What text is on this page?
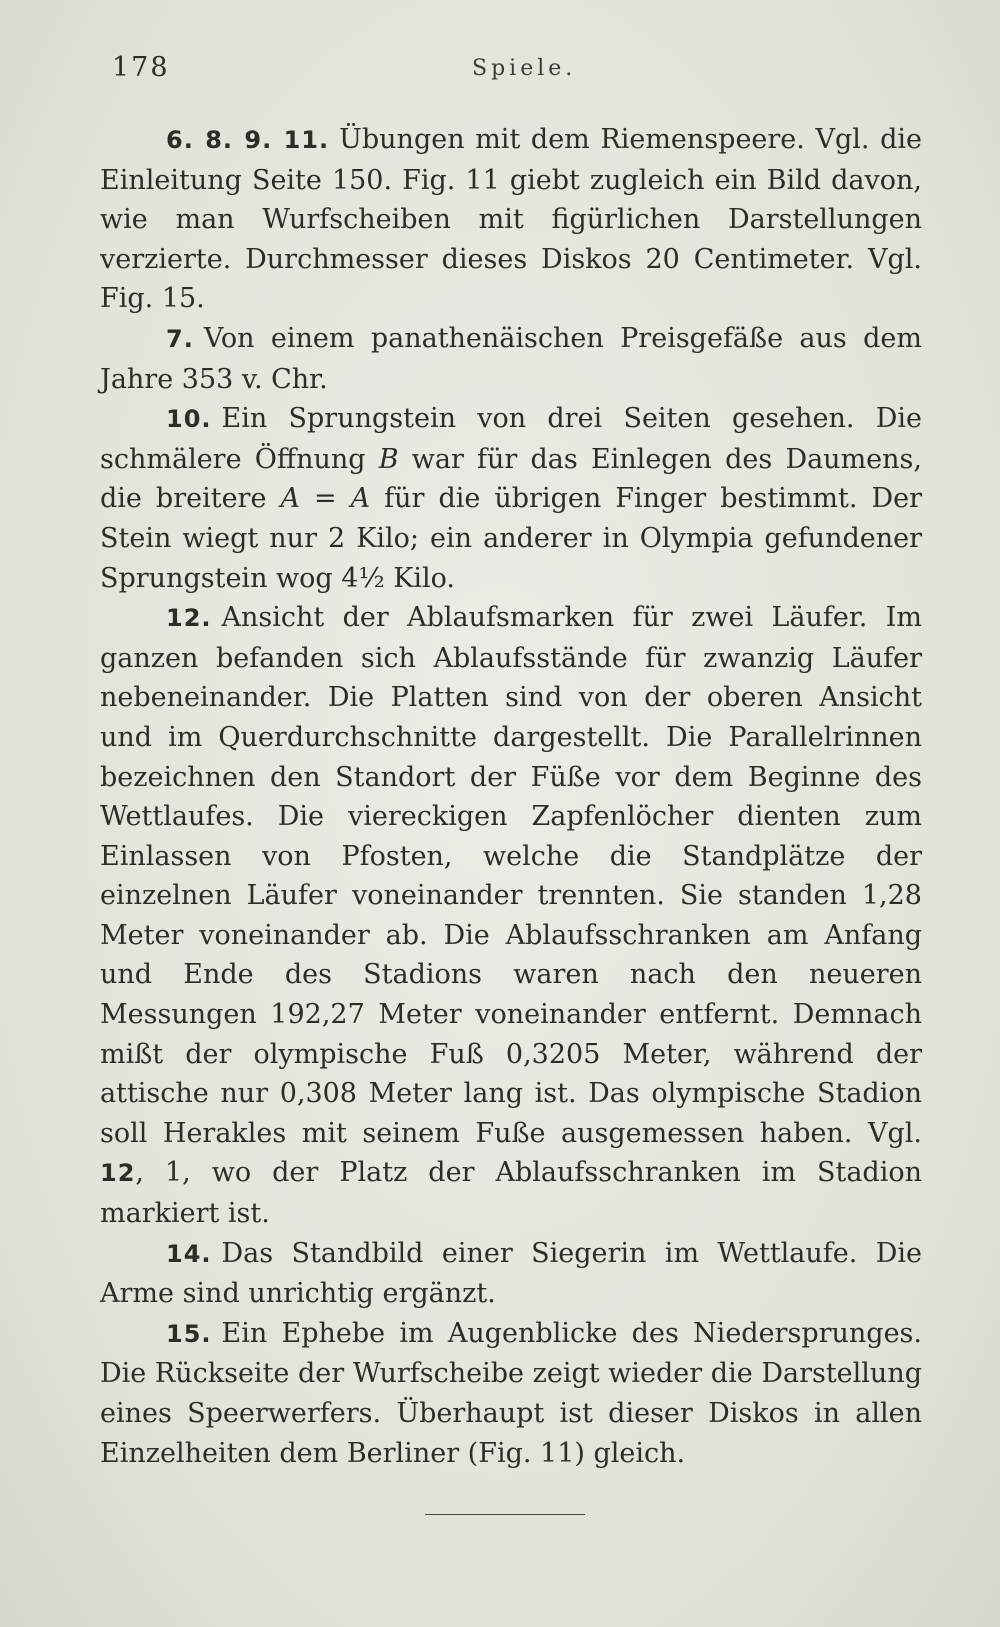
178	Spiele.

6. 8. 9. 11. Übungen mit dem Riemenspeere. Vgl. die Einleitung Seite 150. Fig. 11 giebt zugleich ein Bild davon, wie man Wurfscheiben mit figürlichen Darstellungen verzierte. Durchmesser dieses Diskos 20 Centimeter. Vgl. Fig. 15.

7. Von einem panathenäischen Preisgefäße aus dem Jahre 353 v. Chr.

10. Ein Sprungstein von drei Seiten gesehen. Die schmälere Öffnung B war für das Einlegen des Daumens, die breitere A = A für die übrigen Finger bestimmt. Der Stein wiegt nur 2 Kilo; ein anderer in Olympia gefundener Sprungstein wog 4½ Kilo.

12. Ansicht der Ablaufsmarken für zwei Läufer. Im ganzen befanden sich Ablaufsstände für zwanzig Läufer nebeneinander. Die Platten sind von der oberen Ansicht und im Querdurchschnitte dargestellt. Die Parallelrinnen bezeichnen den Standort der Füße vor dem Beginne des Wettlaufes. Die viereckigen Zapfenlöcher dienten zum Einlassen von Pfosten, welche die Standplätze der einzelnen Läufer voneinander trennten. Sie standen 1,28 Meter voneinander ab. Die Ablaufsschranken am Anfang und Ende des Stadions waren nach den neueren Messungen 192,27 Meter voneinander entfernt. Demnach mißt der olympische Fuß 0,3205 Meter, während der attische nur 0,308 Meter lang ist. Das olympische Stadion soll Herakles mit seinem Fuße ausgemessen haben. Vgl. 12, 1, wo der Platz der Ablaufsschranken im Stadion markiert ist.

14. Das Standbild einer Siegerin im Wettlaufe. Die Arme sind unrichtig ergänzt.

15. Ein Ephebe im Augenblicke des Niedersprunges. Die Rückseite der Wurfscheibe zeigt wieder die Darstellung eines Speerwerfers. Überhaupt ist dieser Diskos in allen Einzelheiten dem Berliner (Fig. 11) gleich.
